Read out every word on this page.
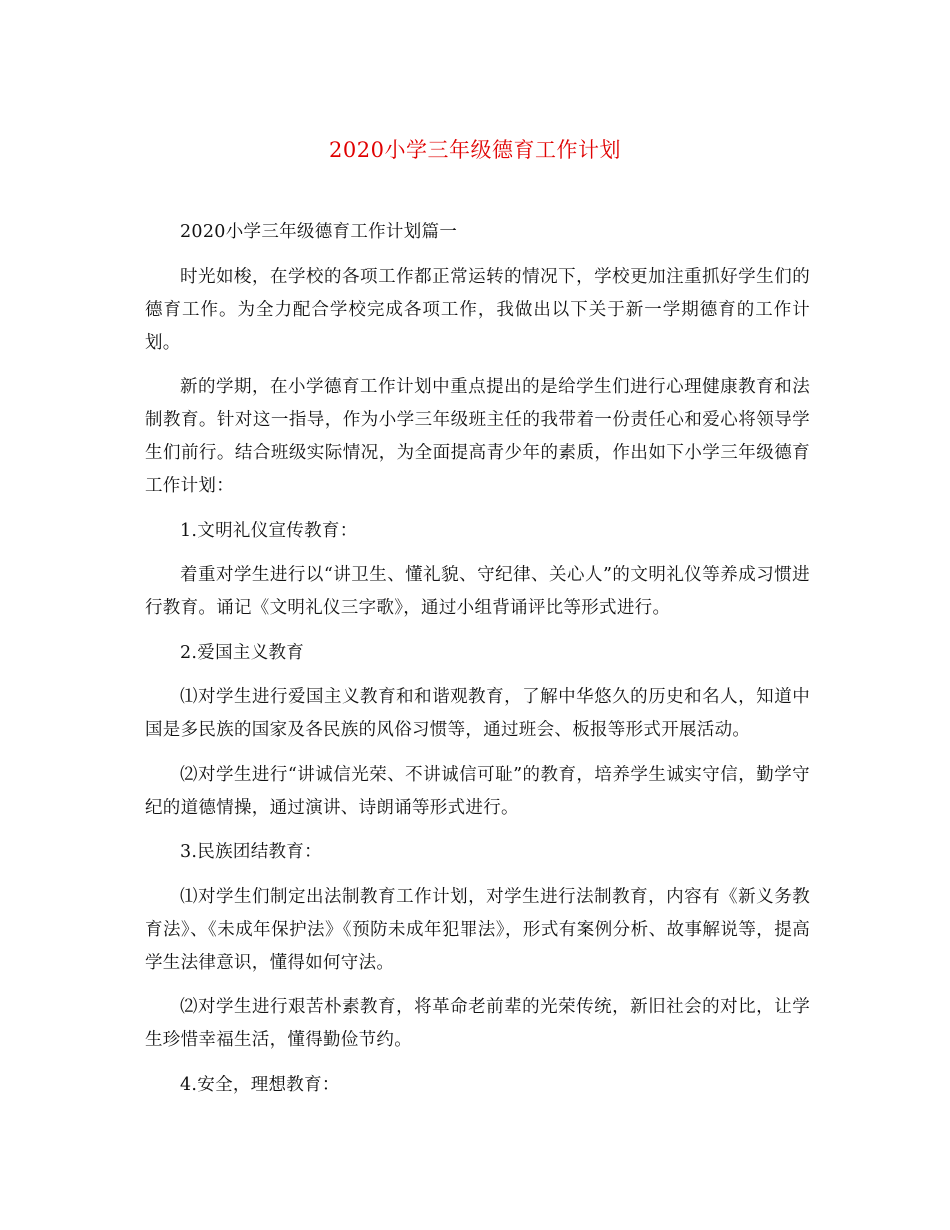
2020小学三年级德育工作计划

2020小学三年级德育工作计划篇一

时光如梭，在学校的各项工作都正常运转的情况下，学校更加注重抓好学生们的德育工作。为全力配合学校完成各项工作，我做出以下关于新一学期德育的工作计划。

新的学期，在小学德育工作计划中重点提出的是给学生们进行心理健康教育和法制教育。针对这一指导，作为小学三年级班主任的我带着一份责任心和爱心将领导学生们前行。结合班级实际情况，为全面提高青少年的素质，作出如下小学三年级德育工作计划：

1.文明礼仪宣传教育：

着重对学生进行以“讲卫生、懂礼貌、守纪律、关心人”的文明礼仪等养成习惯进行教育。诵记《文明礼仪三字歌》，通过小组背诵评比等形式进行。

2.爱国主义教育

⑴对学生进行爱国主义教育和和谐观教育，了解中华悠久的历史和名人，知道中国是多民族的国家及各民族的风俗习惯等，通过班会、板报等形式开展活动。

⑵对学生进行“讲诚信光荣、不讲诚信可耻”的教育，培养学生诚实守信，勤学守纪的道德情操，通过演讲、诗朗诵等形式进行。

3.民族团结教育：

⑴对学生们制定出法制教育工作计划，对学生进行法制教育，内容有《新义务教育法》、《未成年保护法》《预防未成年犯罪法》，形式有案例分析、故事解说等，提高学生法律意识，懂得如何守法。

⑵对学生进行艰苦朴素教育，将革命老前辈的光荣传统，新旧社会的对比，让学生珍惜幸福生活，懂得勤俭节约。

4.安全，理想教育：
